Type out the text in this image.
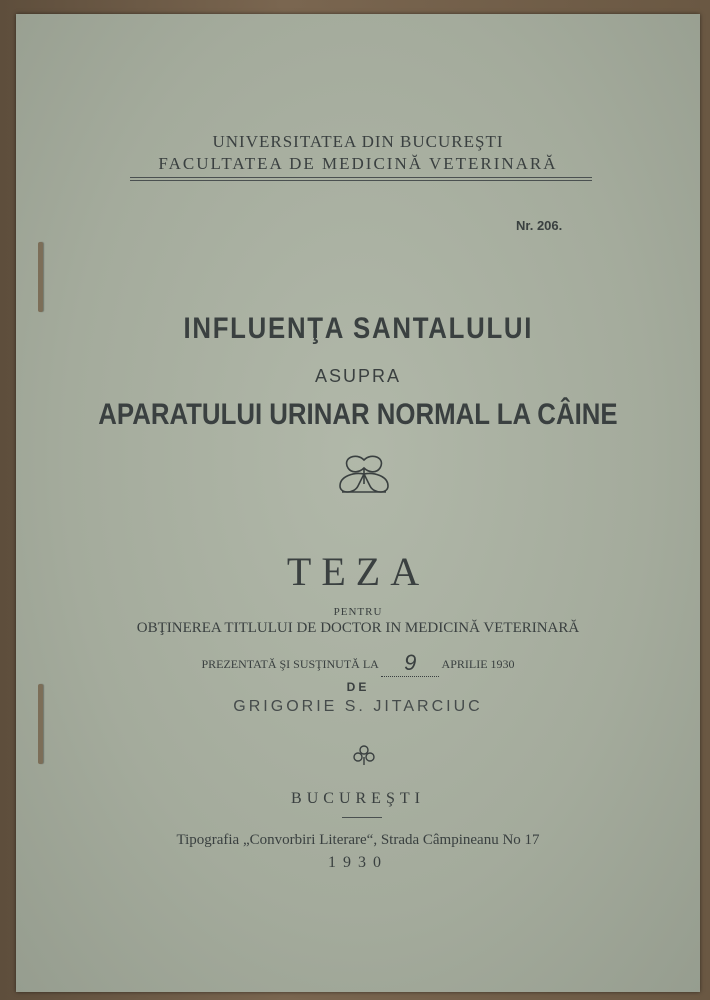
UNIVERSITATEA DIN BUCUREŞTI
FACULTATEA DE MEDICINĂ VETERINARĂ
Nr. 206.
INFLUENŢA SANTALULUI
ASUPRA
APARATULUI URINAR NORMAL LA CÂINE
TEZA
PENTRU
OBŢINEREA TITLULUI DE DOCTOR IN MEDICINĂ VETERINARĂ
PREZENTATĂ ŞI SUSŢINUTĂ LA 9 APRILIE 1930
DE
GRIGORIE S. JITARCIUC
BUCUREŞTI
Tipografia „Convorbiri Literare“, Strada Câmpineanu No 17
1930
